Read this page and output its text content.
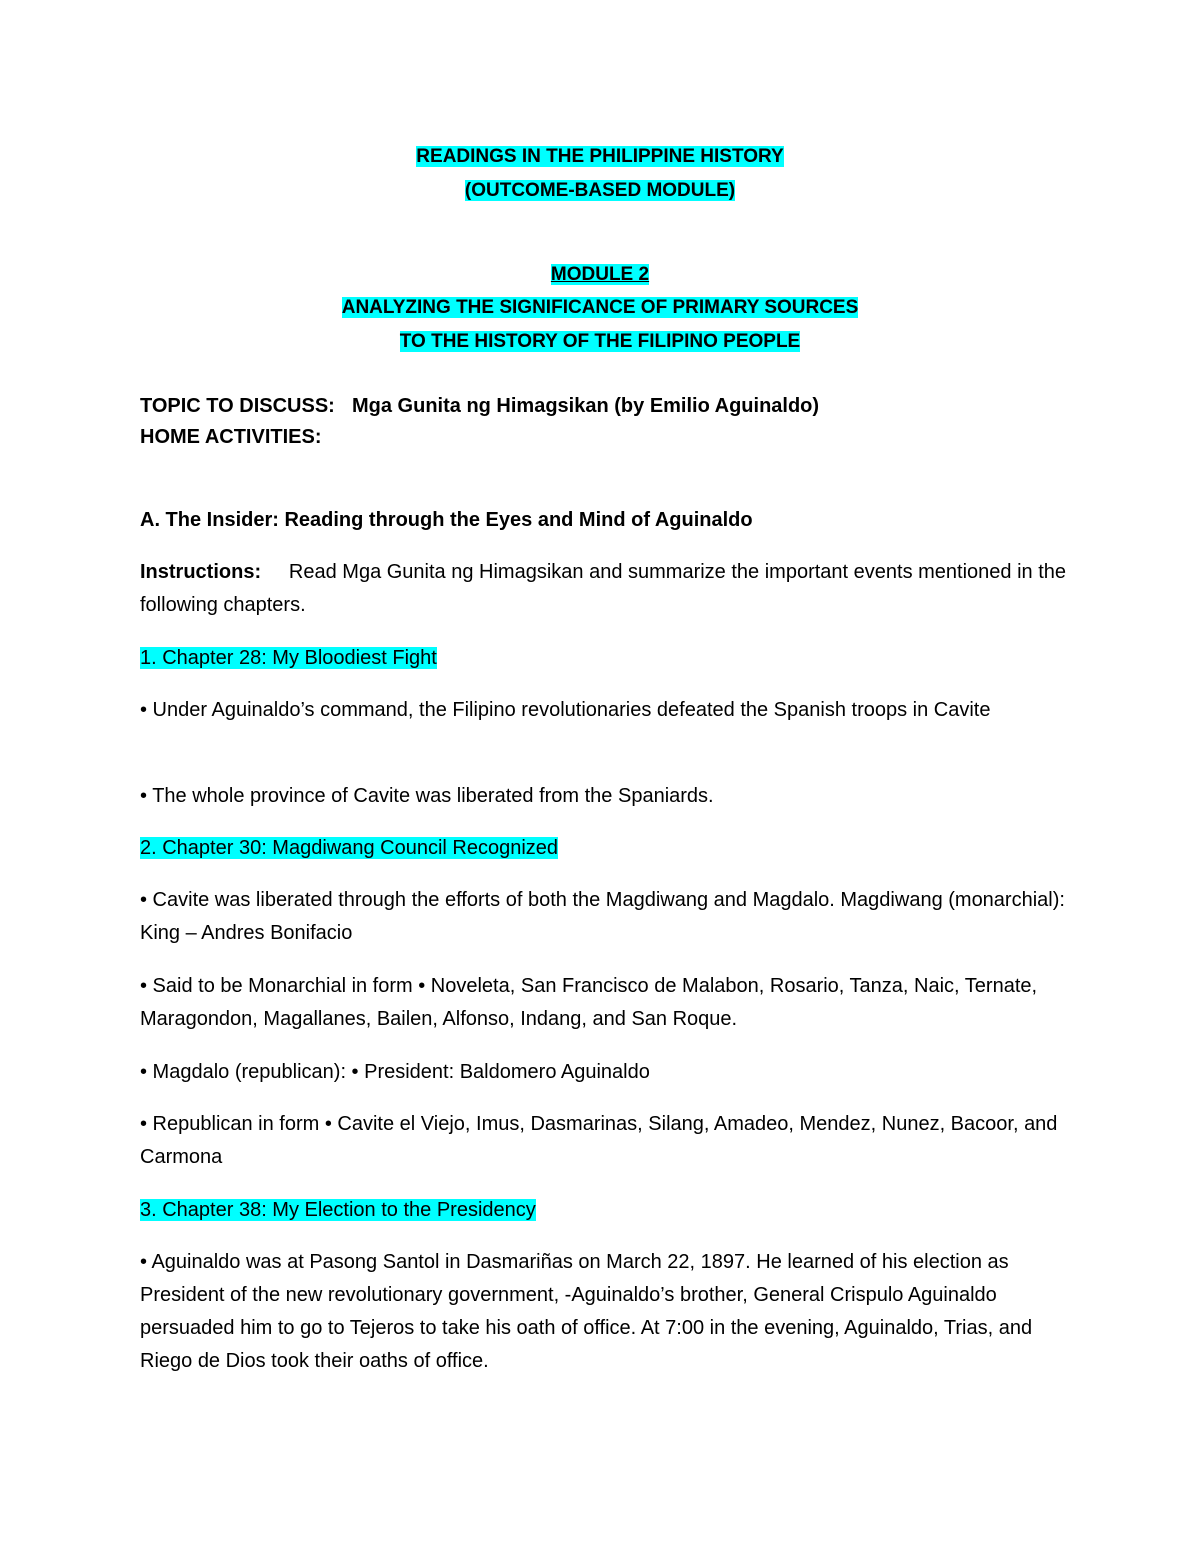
READINGS IN THE PHILIPPINE HISTORY
(OUTCOME-BASED MODULE)
MODULE 2
ANALYZING THE SIGNIFICANCE OF PRIMARY SOURCES
TO THE HISTORY OF THE FILIPINO PEOPLE
TOPIC TO DISCUSS: Mga Gunita ng Himagsikan (by Emilio Aguinaldo)
HOME ACTIVITIES:
A. The Insider: Reading through the Eyes and Mind of Aguinaldo
Instructions: Read Mga Gunita ng Himagsikan and summarize the important events mentioned in the following chapters.
1. Chapter 28: My Bloodiest Fight
• Under Aguinaldo’s command, the Filipino revolutionaries defeated the Spanish troops in Cavite
• The whole province of Cavite was liberated from the Spaniards.
2. Chapter 30: Magdiwang Council Recognized
• Cavite was liberated through the efforts of both the Magdiwang and Magdalo. Magdiwang (monarchial): King – Andres Bonifacio
• Said to be Monarchial in form • Noveleta, San Francisco de Malabon, Rosario, Tanza, Naic, Ternate, Maragondon, Magallanes, Bailen, Alfonso, Indang, and San Roque.
• Magdalo (republican): • President: Baldomero Aguinaldo
• Republican in form • Cavite el Viejo, Imus, Dasmarinas, Silang, Amadeo, Mendez, Nunez, Bacoor, and Carmona
3. Chapter 38: My Election to the Presidency
• Aguinaldo was at Pasong Santol in Dasmariñas on March 22, 1897. He learned of his election as President of the new revolutionary government, -Aguinaldo’s brother, General Crispulo Aguinaldo persuaded him to go to Tejeros to take his oath of office. At 7:00 in the evening, Aguinaldo, Trias, and Riego de Dios took their oaths of office.
